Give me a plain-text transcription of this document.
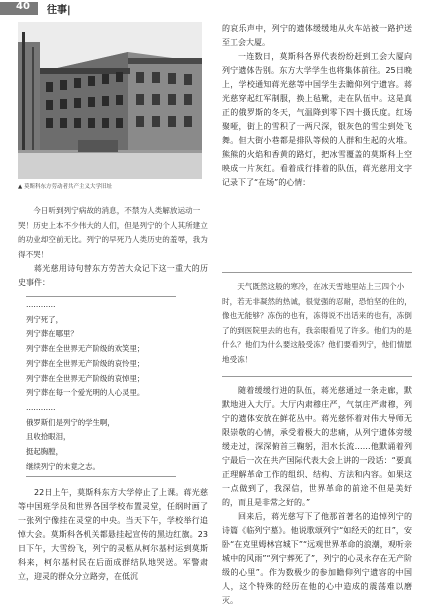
40 往事|
▲ 莫斯科东方劳动者共产主义大学旧址

今日听到列宁病故的消息，不禁为人类解放运动一哭！历史上本不少伟大的人们，但是列宁的个人其所建立的功业却空前无比。列宁的早死乃人类历史的羞辱，我为得不哭！

蒋光慈用诗句替东方劳苦大众记下这一重大的历史事件：

…………
列宁死了，
列宁葬在哪里？
列宁葬在全世界无产阶级的欢笑里；
列宁葬在全世界无产阶级的哀怜里；
列宁葬在全世界无产阶级的哀悼里；
列宁葬在每一个爱光明的人心灵里。
…………
俄罗斯们是列宁的学生啊，
且收拾眼泪，
挺起胸膛，
继续列宁的未竟之志。

22日上午，莫斯科东方大学停止了上课。蒋光慈等中国班学员和世界各国学校布置灵堂，任纲时画了一张列宁像挂在灵堂的中央。当天下午，学校举行追悼大会。莫斯科各机关都悬挂起宣传的黑边红旗。23日下午，大雪纷飞，列宁的灵柩从柯尔基村运到莫斯科来，柯尔基村民在后面成群结队地哭送。军警肃立，迎灵的群众分立路旁，在低沉

的哀乐声中，列宁的遗体缓缓地从火车站被一路护送至工会大厦。

一连数日，莫斯科各界代表纷纷赶到工会大厦向列宁遗体告别。东方大学学生也将集体前往。25日晚上，学校通知蒋光慈等中国学生去瞻仰列宁遗容。蒋光慈穿起红军制服，换上毡靴，走在队伍中。这是真正的俄罗斯的冬天，气温降到零下四十摄氏度。红场聚哑，街上的雪积了一两尺深，银灰色的雪尘到处飞舞。但大街小巷都是排队等候的人群和生起的火堆。熊熊的火焰和香黄的路灯，把冰雪覆盖的莫斯科上空映成一片灰红。看着成行排着的队伍，蒋光慈用文字记录下了“在场”的心情：

天气既然这般的寒冷，在冰天雪地里站上三四个小时，若无非凝然的热诚，很觉强的忍耐，恐怕坚的住的，像也无能够？冻伤的也有，冻得说不出话来的也有，冻倒了的到医院里去的也有，我亲眼看见了许多。他们为的是什么？他们为什么要这般受冻？他们要看列宁，他们情愿地受冻！

随着缓缓行进的队伍，蒋光慈通过一条走廊，默默地进入大厅。大厅内肃穆庄严，气氛庄严肃穆，列宁的遗体安放在鲜花丛中。蒋光慈怀着对伟大导师无限崇敬的心情，承受着极大的悲痛，从列宁遗体旁缓缓走过，深深俯首三鞠躬，泪水长流……他默诵着列宁最后一次在共产国际代表大会上讲的一段话：“要真正理解革命工作的组织、结构、方法和内容。如果这一点做到了，我深信，世界革命的前途不但是美好的，而且是非常之好的。”

回来后，蒋光慈写下了他那首著名的追悼列宁的诗篇《临列宁墓》。他说歌颂列宁“如经天的红日”，安卧“在克里姆林宫城下”“远观世界革命的浪潮，观听亲城中的风雨”“列宁葬死了”，列宁的心灵永存在无产阶级的心里”。作为数极少的参加瞻仰列宁遗容的中国人，这个特殊的经历在他的心中造成的震荡难以磨灭。
